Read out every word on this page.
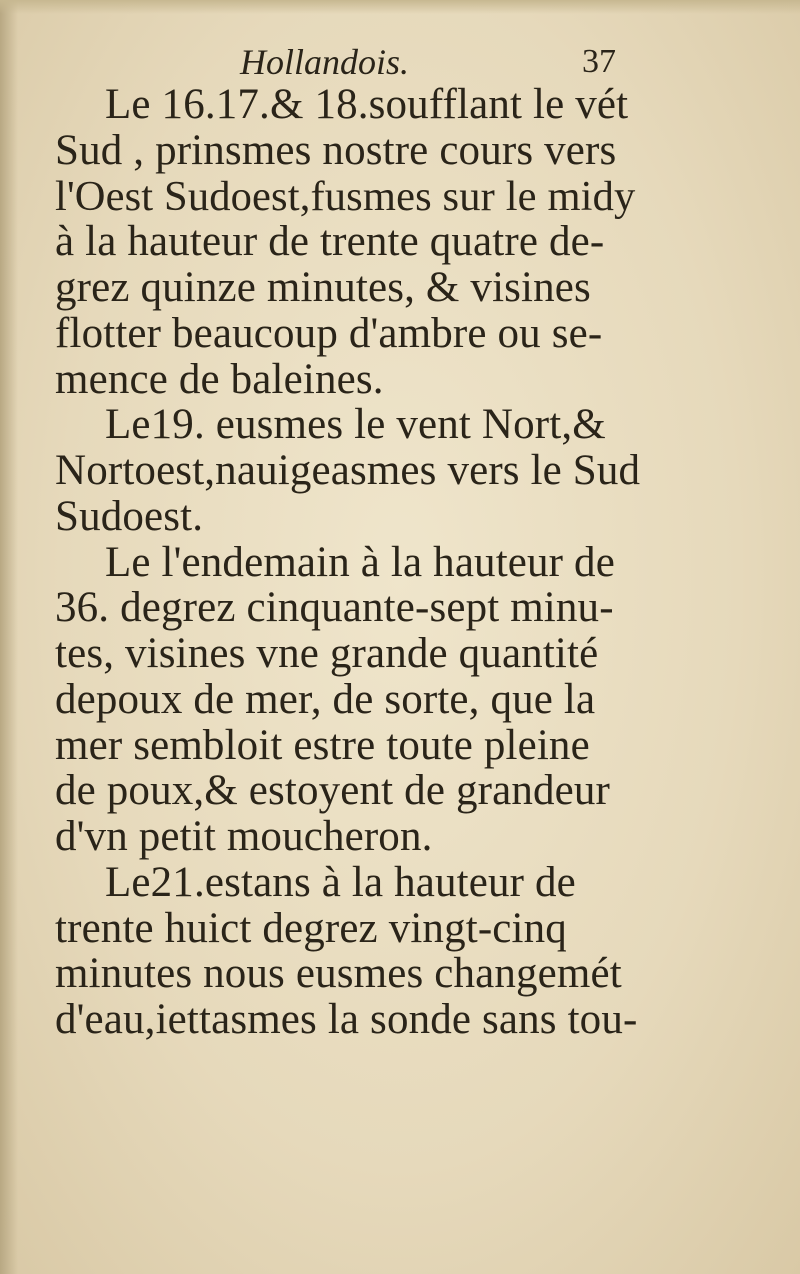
Hollandois.	37
Le 16.17.& 18.soufflant le vét
Sud , prinsmes nostre cours vers
l'Oest Sudoest,fusmes sur le midy
à la hauteur de trente quatre de-
grez quinze minutes, & visines
flotter beaucoup d'ambre ou se-
mence de baleines.
Le19. eusmes le vent Nort,&
Nortoest,nauigeasmes vers le Sud
Sudoest.
Le l'endemain à la hauteur de
36. degrez cinquante-sept minu-
tes, visines vne grande quantité
depoux de mer, de sorte, que la
mer sembloit estre toute pleine
de poux,& estoyent de grandeur
d'vn petit moucheron.
Le21.estans à la hauteur de
trente huict degrez vingt-cinq
minutes nous eusmes changemét
d'eau,iettasmes la sonde sans tou-
